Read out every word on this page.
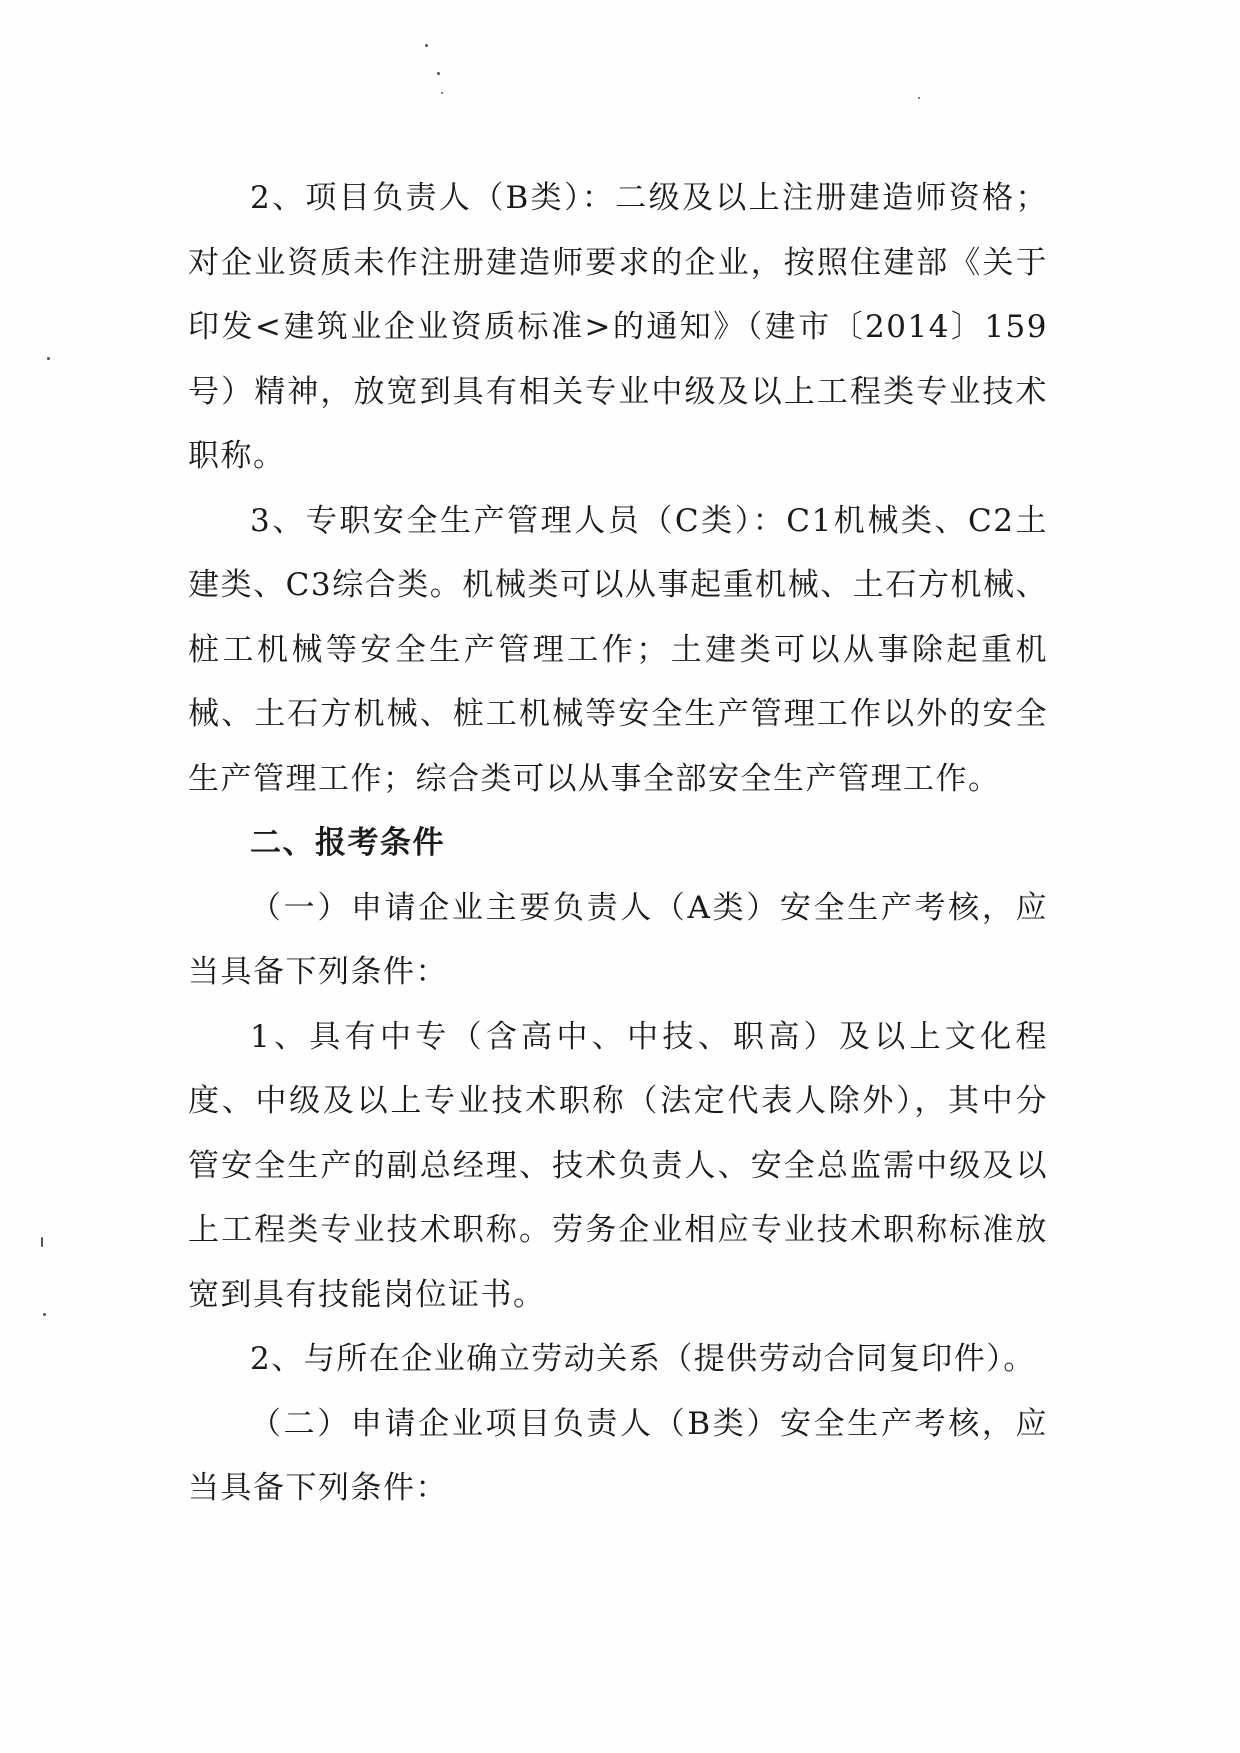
2、项目负责人（B类）：二级及以上注册建造师资格；对企业资质未作注册建造师要求的企业，按照住建部《关于印发<建筑业企业资质标准>的通知》（建市〔2014〕159号）精神，放宽到具有相关专业中级及以上工程类专业技术职称。

3、专职安全生产管理人员（C类）：C1机械类、C2土建类、C3综合类。机械类可以从事起重机械、土石方机械、桩工机械等安全生产管理工作；土建类可以从事除起重机械、土石方机械、桩工机械等安全生产管理工作以外的安全生产管理工作；综合类可以从事全部安全生产管理工作。

二、报考条件

（一）申请企业主要负责人（A类）安全生产考核，应当具备下列条件：

1、具有中专（含高中、中技、职高）及以上文化程度、中级及以上专业技术职称（法定代表人除外），其中分管安全生产的副总经理、技术负责人、安全总监需中级及以上工程类专业技术职称。劳务企业相应专业技术职称标准放宽到具有技能岗位证书。

2、与所在企业确立劳动关系（提供劳动合同复印件）。

（二）申请企业项目负责人（B类）安全生产考核，应当具备下列条件：
